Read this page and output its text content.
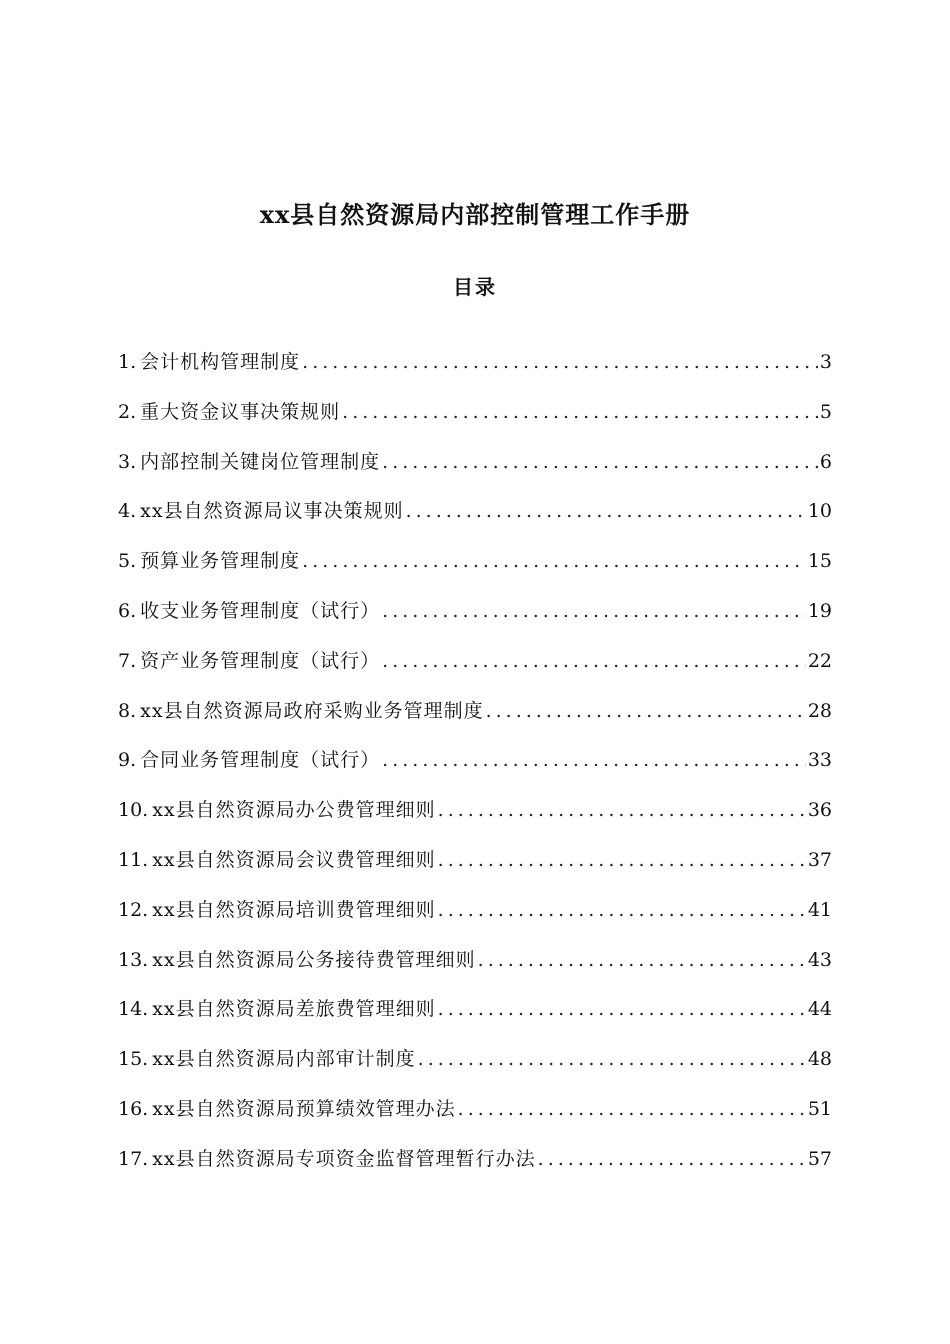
xx县自然资源局内部控制管理工作手册
目录
1. 会计机构管理制度 .....	3
2. 重大资金议事决策规则 .....	5
3. 内部控制关键岗位管理制度 .....	6
4. xx县自然资源局议事决策规则 .....	10
5. 预算业务管理制度 .....	15
6. 收支业务管理制度（试行） .....	19
7. 资产业务管理制度（试行） .....	22
8. xx县自然资源局政府采购业务管理制度 .....	28
9. 合同业务管理制度（试行） .....	33
10. xx县自然资源局办公费管理细则 .....	36
11. xx县自然资源局会议费管理细则 .....	37
12. xx县自然资源局培训费管理细则 .....	41
13. xx县自然资源局公务接待费管理细则 .....	43
14. xx县自然资源局差旅费管理细则 .....	44
15. xx县自然资源局内部审计制度 .....	48
16. xx县自然资源局预算绩效管理办法 .....	51
17. xx县自然资源局专项资金监督管理暂行办法 .....	57
